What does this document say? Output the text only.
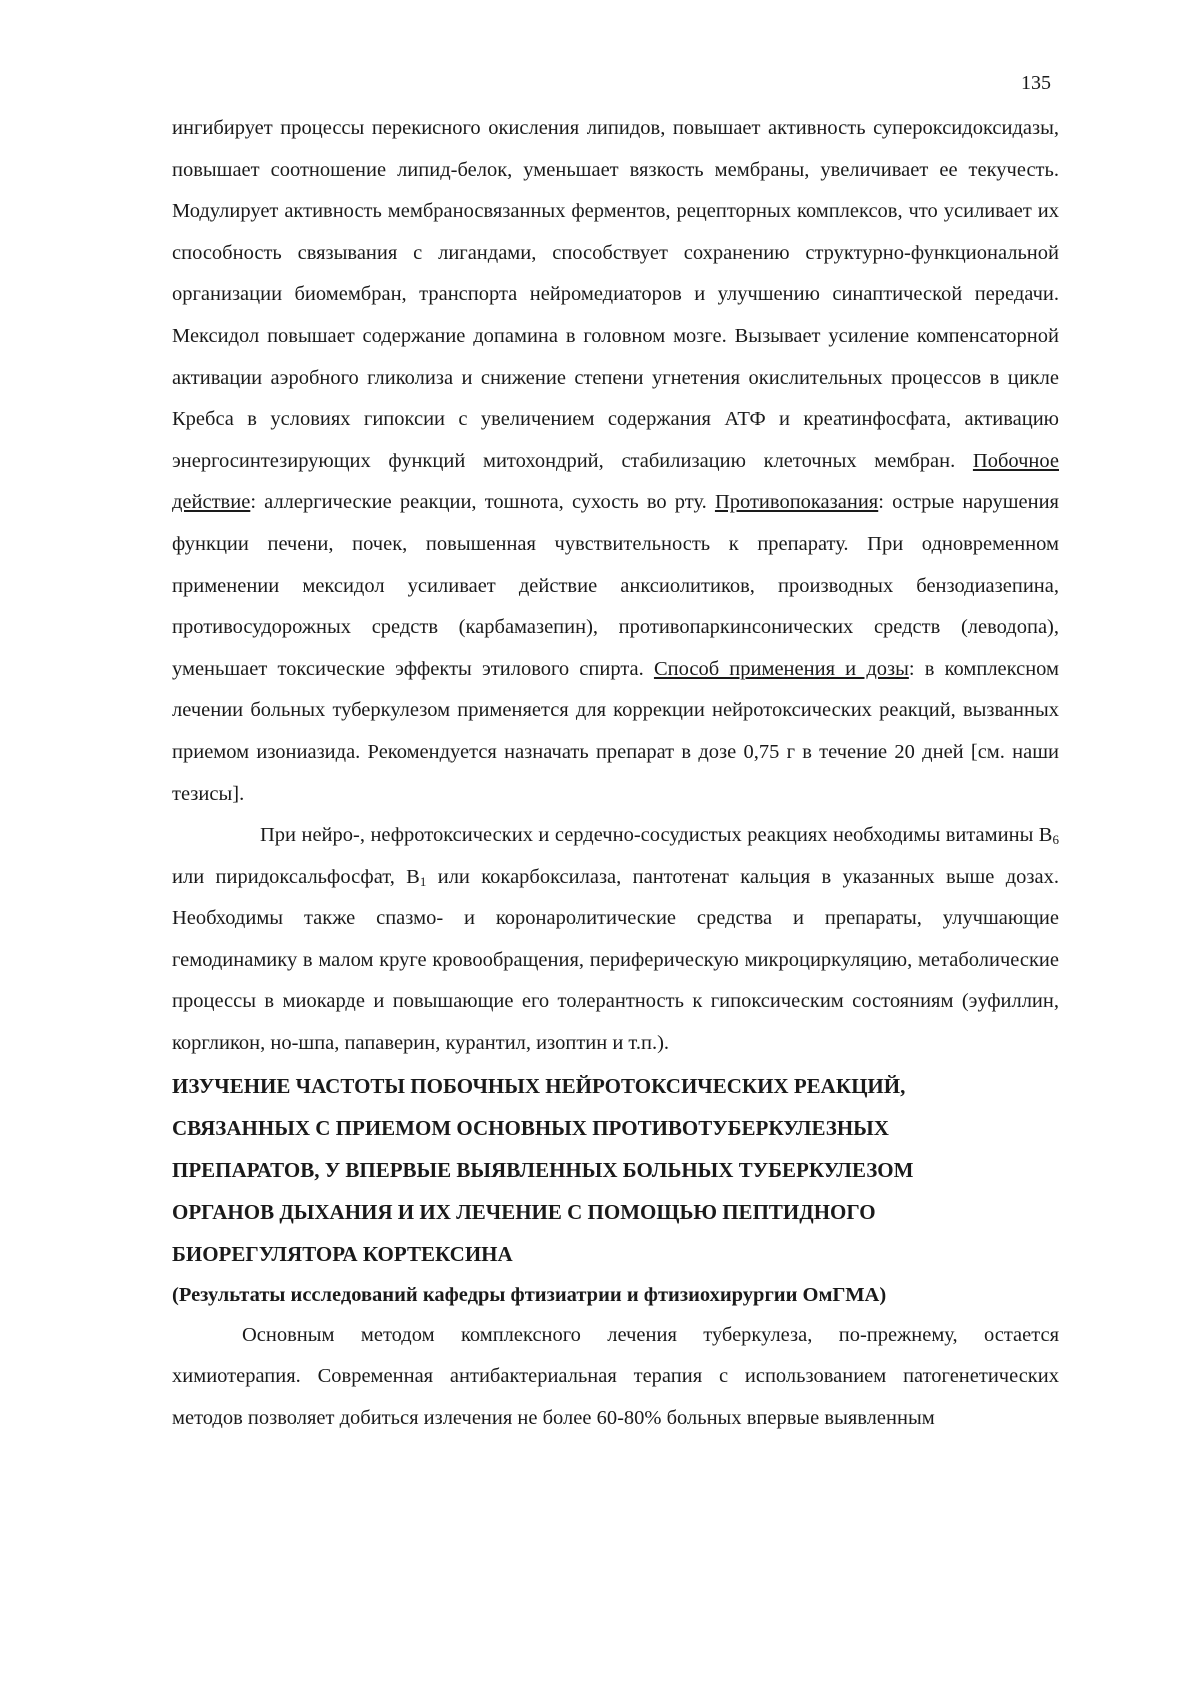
135

ингибирует процессы перекисного окисления липидов, повышает активность супероксидоксидазы, повышает соотношение липид-белок, уменьшает вязкость мембраны, увеличивает ее текучесть. Модулирует активность мембраносвязанных ферментов, рецепторных комплексов, что усиливает их способность связывания с лигандами, способствует сохранению структурно-функциональной организации биомембран, транспорта нейромедиаторов и улучшению синаптической передачи. Мексидол повышает содержание допамина в головном мозге. Вызывает усиление компенсаторной активации аэробного гликолиза и снижение степени угнетения окислительных процессов в цикле Кребса в условиях гипоксии с увеличением содержания АТФ и креатинфосфата, активацию энергосинтезирующих функций митохондрий, стабилизацию клеточных мембран. Побочное действие: аллергические реакции, тошнота, сухость во рту. Противопоказания: острые нарушения функции печени, почек, повышенная чувствительность к препарату. При одновременном применении мексидол усиливает действие анксиолитиков, производных бензодиазепина, противосудорожных средств (карбамазепин), противопаркинсонических средств (леводопа), уменьшает токсические эффекты этилового спирта. Способ применения и дозы: в комплексном лечении больных туберкулезом применяется для коррекции нейротоксических реакций, вызванных приемом изониазида. Рекомендуется назначать препарат в дозе 0,75 г в течение 20 дней [см. наши тезисы].

При нейро-, нефротоксических и сердечно-сосудистых реакциях необходимы витамины $В_6$ или пиридоксальфосфат, $В_1$ или кокарбоксилаза, пантотенат кальция в указанных выше дозах. Необходимы также спазмо- и коронаролитические средства и препараты, улучшающие гемодинамику в малом круге кровообращения, периферическую микроциркуляцию, метаболические процессы в миокарде и повышающие его толерантность к гипоксическим состояниям (эуфиллин, коргликон, но-шпа, папаверин, курантил, изоптин и т.п.).

ИЗУЧЕНИЕ ЧАСТОТЫ ПОБОЧНЫХ НЕЙРОТОКСИЧЕСКИХ РЕАКЦИЙ,

СВЯЗАННЫХ С ПРИЕМОМ ОСНОВНЫХ ПРОТИВОТУБЕРКУЛЕЗНЫХ

ПРЕПАРАТОВ, У ВПЕРВЫЕ ВЫЯВЛЕННЫХ БОЛЬНЫХ ТУБЕРКУЛЕЗОМ

ОРГАНОВ ДЫХАНИЯ И ИХ ЛЕЧЕНИЕ С ПОМОЩЬЮ ПЕПТИДНОГО

БИОРЕГУЛЯТОРА КОРТЕКСИНА

(Результаты исследований кафедры фтизиатрии и фтизиохирургии ОмГМА)

Основным методом комплексного лечения туберкулеза, по-прежнему, остается химиотерапия. Современная антибактериальная терапия с использованием патогенетических методов позволяет добиться излечения не более 60-80% больных впервые выявленным
